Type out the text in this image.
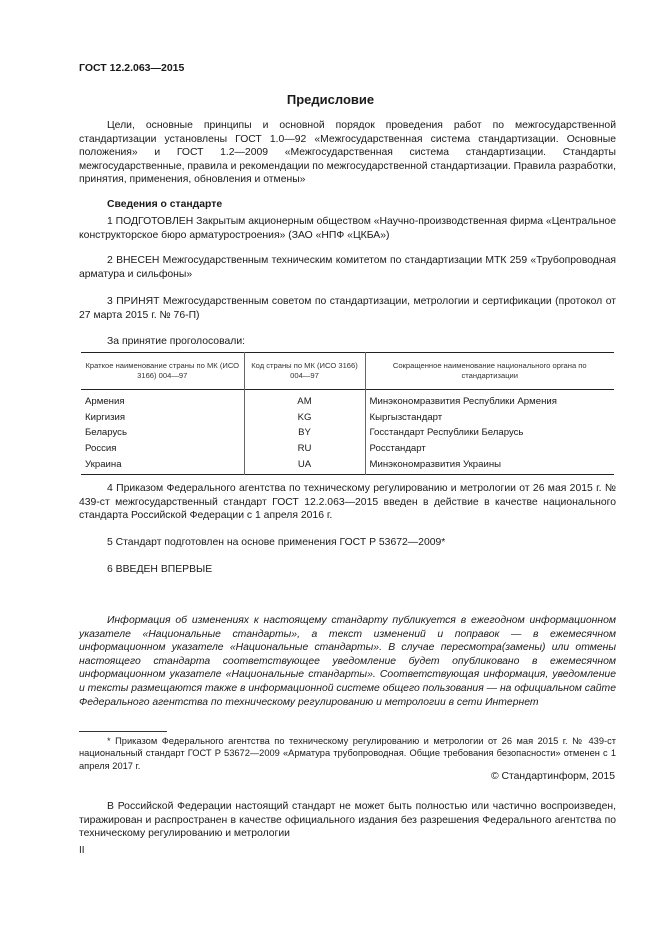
ГОСТ 12.2.063—2015
Предисловие
Цели, основные принципы и основной порядок проведения работ по межгосударственной стандартизации установлены ГОСТ 1.0—92 «Межгосударственная система стандартизации. Основные положения» и ГОСТ 1.2—2009 «Межгосударственная система стандартизации. Стандарты межгосударственные, правила и рекомендации по межгосударственной стандартизации. Правила разработки, принятия, применения, обновления и отмены»
Сведения о стандарте
1 ПОДГОТОВЛЕН Закрытым акционерным обществом «Научно-производственная фирма «Центральное конструкторское бюро арматуростроения» (ЗАО «НПФ «ЦКБА»)
2 ВНЕСЕН Межгосударственным техническим комитетом по стандартизации МТК 259 «Трубопроводная арматура и сильфоны»
3 ПРИНЯТ Межгосударственным советом по стандартизации, метрологии и сертификации (протокол от 27 марта 2015 г. № 76-П)
За принятие проголосовали:
Краткое наименование страны по МК (ИСО 3166) 004—97	Код страны по МК (ИСО 3166) 004—97	Сокращенное наименование национального органа по стандартизации
Армения	AM	Минэкономразвития Республики Армения
Киргизия	KG	Кыргызстандарт
Беларусь	BY	Госстандарт Республики Беларусь
Россия	RU	Росстандарт
Украина	UA	Минэкономразвития Украины
4 Приказом Федерального агентства по техническому регулированию и метрологии от 26 мая 2015 г. № 439-ст межгосударственный стандарт ГОСТ 12.2.063—2015 введен в действие в качестве национального стандарта Российской Федерации с 1 апреля 2016 г.
5 Стандарт подготовлен на основе применения ГОСТ Р 53672—2009*
6 ВВЕДЕН ВПЕРВЫЕ
Информация об изменениях к настоящему стандарту публикуется в ежегодном информационном указателе «Национальные стандарты», а текст изменений и поправок — в ежемесячном информационном указателе «Национальные стандарты». В случае пересмотра(замены) или отмены настоящего стандарта соответствующее уведомление будет опубликовано в ежемесячном информационном указателе «Национальные стандарты». Соответствующая информация, уведомление и тексты размещаются также в информационной системе общего пользования — на официальном сайте Федерального агентства по техническому регулированию и метрологии в сети Интернет
* Приказом Федерального агентства по техническому регулированию и метрологии от 26 мая 2015 г. № 439-ст национальный стандарт ГОСТ Р 53672—2009 «Арматура трубопроводная. Общие требования безопасности» отменен с 1 апреля 2017 г.
© Стандартинформ, 2015
В Российской Федерации настоящий стандарт не может быть полностью или частично воспроизведен, тиражирован и распространен в качестве официального издания без разрешения Федерального агентства по техническому регулированию и метрологии
II
